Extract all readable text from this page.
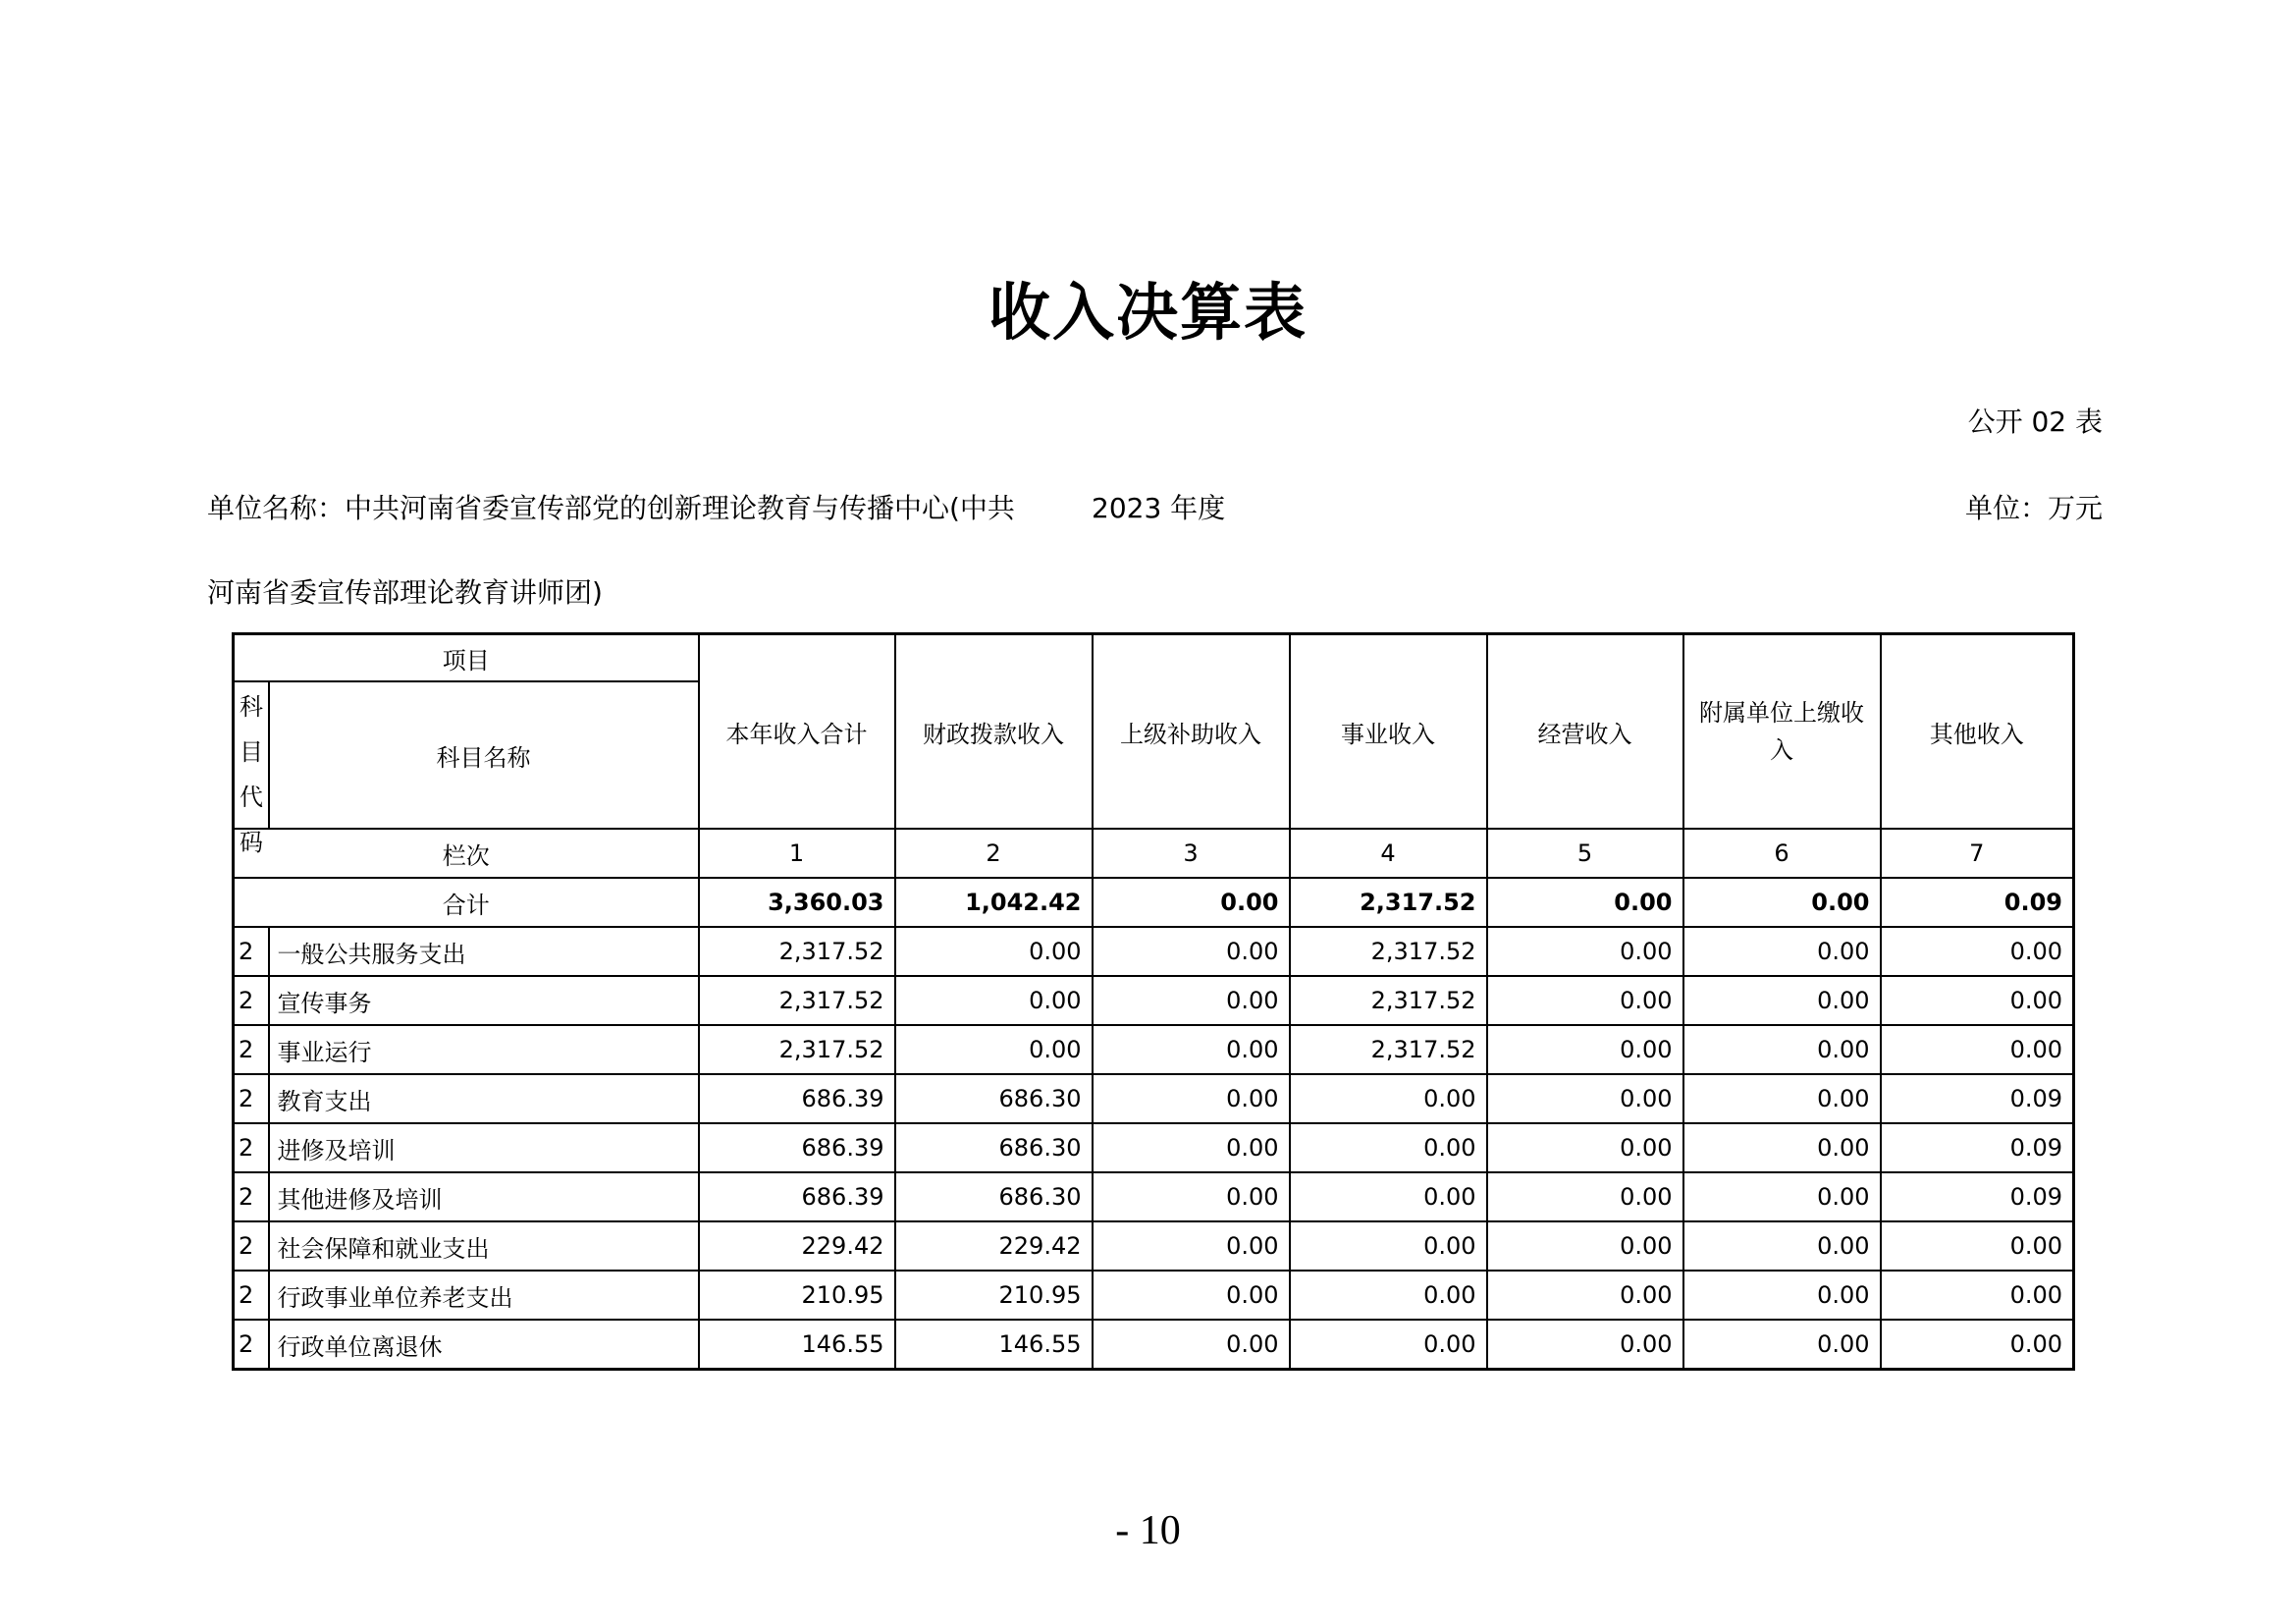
收入决算表
公开 02 表
单位名称：中共河南省委宣传部党的创新理论教育与传播中心(中共	2023 年度	单位：万元
河南省委宣传部理论教育讲师团)
项目		本年收入合计	财政拨款收入	上级补助收入	事业收入	经营收入	附属单位上缴收入	其他收入

科目代码	科目名称							
栏次		1	2	3	4	5	6	7
合计		3,360.03	1,042.42	0.00	2,317.52	0.00	0.00	0.09
2	一般公共服务支出	2,317.52	0.00	0.00	2,317.52	0.00	0.00	0.00
2	宣传事务	2,317.52	0.00	0.00	2,317.52	0.00	0.00	0.00
2	事业运行	2,317.52	0.00	0.00	2,317.52	0.00	0.00	0.00
2	教育支出	686.39	686.30	0.00	0.00	0.00	0.00	0.09
2	进修及培训	686.39	686.30	0.00	0.00	0.00	0.00	0.09
2	其他进修及培训	686.39	686.30	0.00	0.00	0.00	0.00	0.09
2	社会保障和就业支出	229.42	229.42	0.00	0.00	0.00	0.00	0.00
2	行政事业单位养老支出	210.95	210.95	0.00	0.00	0.00	0.00	0.00
2	行政单位离退休	146.55	146.55	0.00	0.00	0.00	0.00	0.00
- 10
